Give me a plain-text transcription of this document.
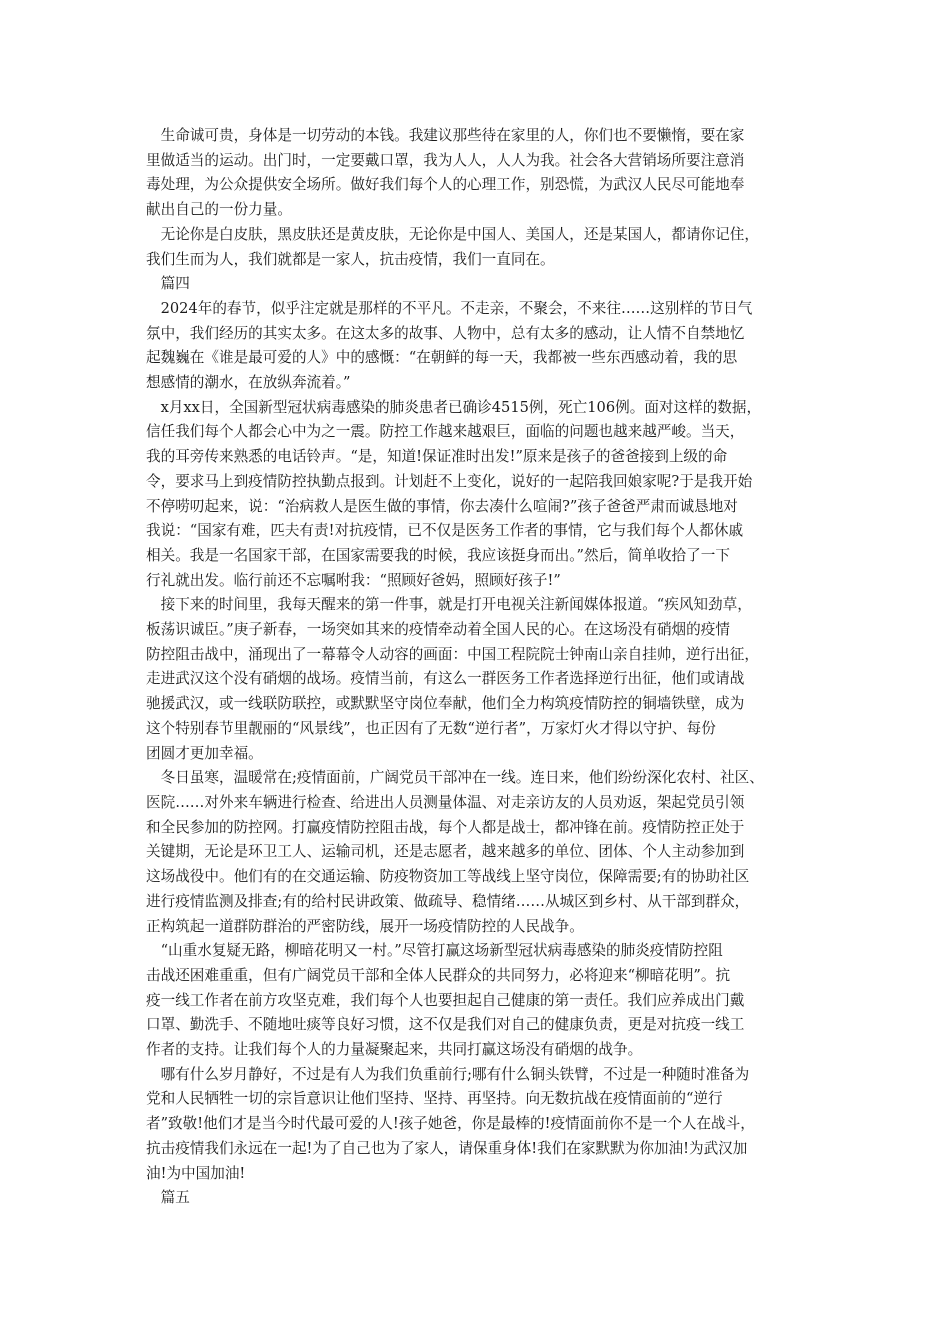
　生命诚可贵，身体是一切劳动的本钱。我建议那些待在家里的人，你们也不要懒惰，要在家
里做适当的运动。出门时，一定要戴口罩，我为人人，人人为我。社会各大营销场所要注意消
毒处理，为公众提供安全场所。做好我们每个人的心理工作，别恐慌，为武汉人民尽可能地奉
献出自己的一份力量。
　无论你是白皮肤，黑皮肤还是黄皮肤，无论你是中国人、美国人，还是某国人，都请你记住，
我们生而为人，我们就都是一家人，抗击疫情，我们一直同在。
　篇四
　2024年的春节，似乎注定就是那样的不平凡。不走亲，不聚会，不来往……这别样的节日气
氛中，我们经历的其实太多。在这太多的故事、人物中，总有太多的感动，让人情不自禁地忆
起魏巍在《谁是最可爱的人》中的感慨：“在朝鲜的每一天，我都被一些东西感动着，我的思
想感情的潮水，在放纵奔流着。”
　x月xx日，全国新型冠状病毒感染的肺炎患者已确诊4515例，死亡106例。面对这样的数据，
信任我们每个人都会心中为之一震。防控工作越来越艰巨，面临的问题也越来越严峻。当天，
我的耳旁传来熟悉的电话铃声。“是，知道!保证准时出发!”原来是孩子的爸爸接到上级的命
令，要求马上到疫情防控执勤点报到。计划赶不上变化，说好的一起陪我回娘家呢?于是我开始
不停唠叨起来，说：“治病救人是医生做的事情，你去凑什么喧闹?”孩子爸爸严肃而诚恳地对
我说：“国家有难，匹夫有责!对抗疫情，已不仅是医务工作者的事情，它与我们每个人都休戚
相关。我是一名国家干部，在国家需要我的时候，我应该挺身而出。”然后，简单收拾了一下
行礼就出发。临行前还不忘嘱咐我：“照顾好爸妈，照顾好孩子!”
　接下来的时间里，我每天醒来的第一件事，就是打开电视关注新闻媒体报道。“疾风知劲草，
板荡识诚臣。”庚子新春，一场突如其来的疫情牵动着全国人民的心。在这场没有硝烟的疫情
防控阻击战中，涌现出了一幕幕令人动容的画面：中国工程院院士钟南山亲自挂帅，逆行出征，
走进武汉这个没有硝烟的战场。疫情当前，有这么一群医务工作者选择逆行出征，他们或请战
驰援武汉，或一线联防联控，或默默坚守岗位奉献，他们全力构筑疫情防控的铜墙铁壁，成为
这个特别春节里靓丽的“风景线”，也正因有了无数“逆行者”，万家灯火才得以守护、每份
团圆才更加幸福。
　冬日虽寒，温暖常在;疫情面前，广阔党员干部冲在一线。连日来，他们纷纷深化农村、社区、
医院……对外来车辆进行检查、给进出人员测量体温、对走亲访友的人员劝返，架起党员引领
和全民参加的防控网。打赢疫情防控阻击战，每个人都是战士，都冲锋在前。疫情防控正处于
关键期，无论是环卫工人、运输司机，还是志愿者，越来越多的单位、团体、个人主动参加到
这场战役中。他们有的在交通运输、防疫物资加工等战线上坚守岗位，保障需要;有的协助社区
进行疫情监测及排查;有的给村民讲政策、做疏导、稳情绪……从城区到乡村、从干部到群众，
正构筑起一道群防群治的严密防线，展开一场疫情防控的人民战争。
　“山重水复疑无路，柳暗花明又一村。”尽管打赢这场新型冠状病毒感染的肺炎疫情防控阻
击战还困难重重，但有广阔党员干部和全体人民群众的共同努力，必将迎来“柳暗花明”。抗
疫一线工作者在前方攻坚克难，我们每个人也要担起自己健康的第一责任。我们应养成出门戴
口罩、勤洗手、不随地吐痰等良好习惯，这不仅是我们对自己的健康负责，更是对抗疫一线工
作者的支持。让我们每个人的力量凝聚起来，共同打赢这场没有硝烟的战争。
　哪有什么岁月静好，不过是有人为我们负重前行;哪有什么铜头铁臂，不过是一种随时准备为
党和人民牺牲一切的宗旨意识让他们坚持、坚持、再坚持。向无数抗战在疫情面前的“逆行
者”致敬!他们才是当今时代最可爱的人!孩子她爸，你是最棒的!疫情面前你不是一个人在战斗，
抗击疫情我们永远在一起!为了自己也为了家人，请保重身体!我们在家默默为你加油!为武汉加
油!为中国加油!
　篇五
